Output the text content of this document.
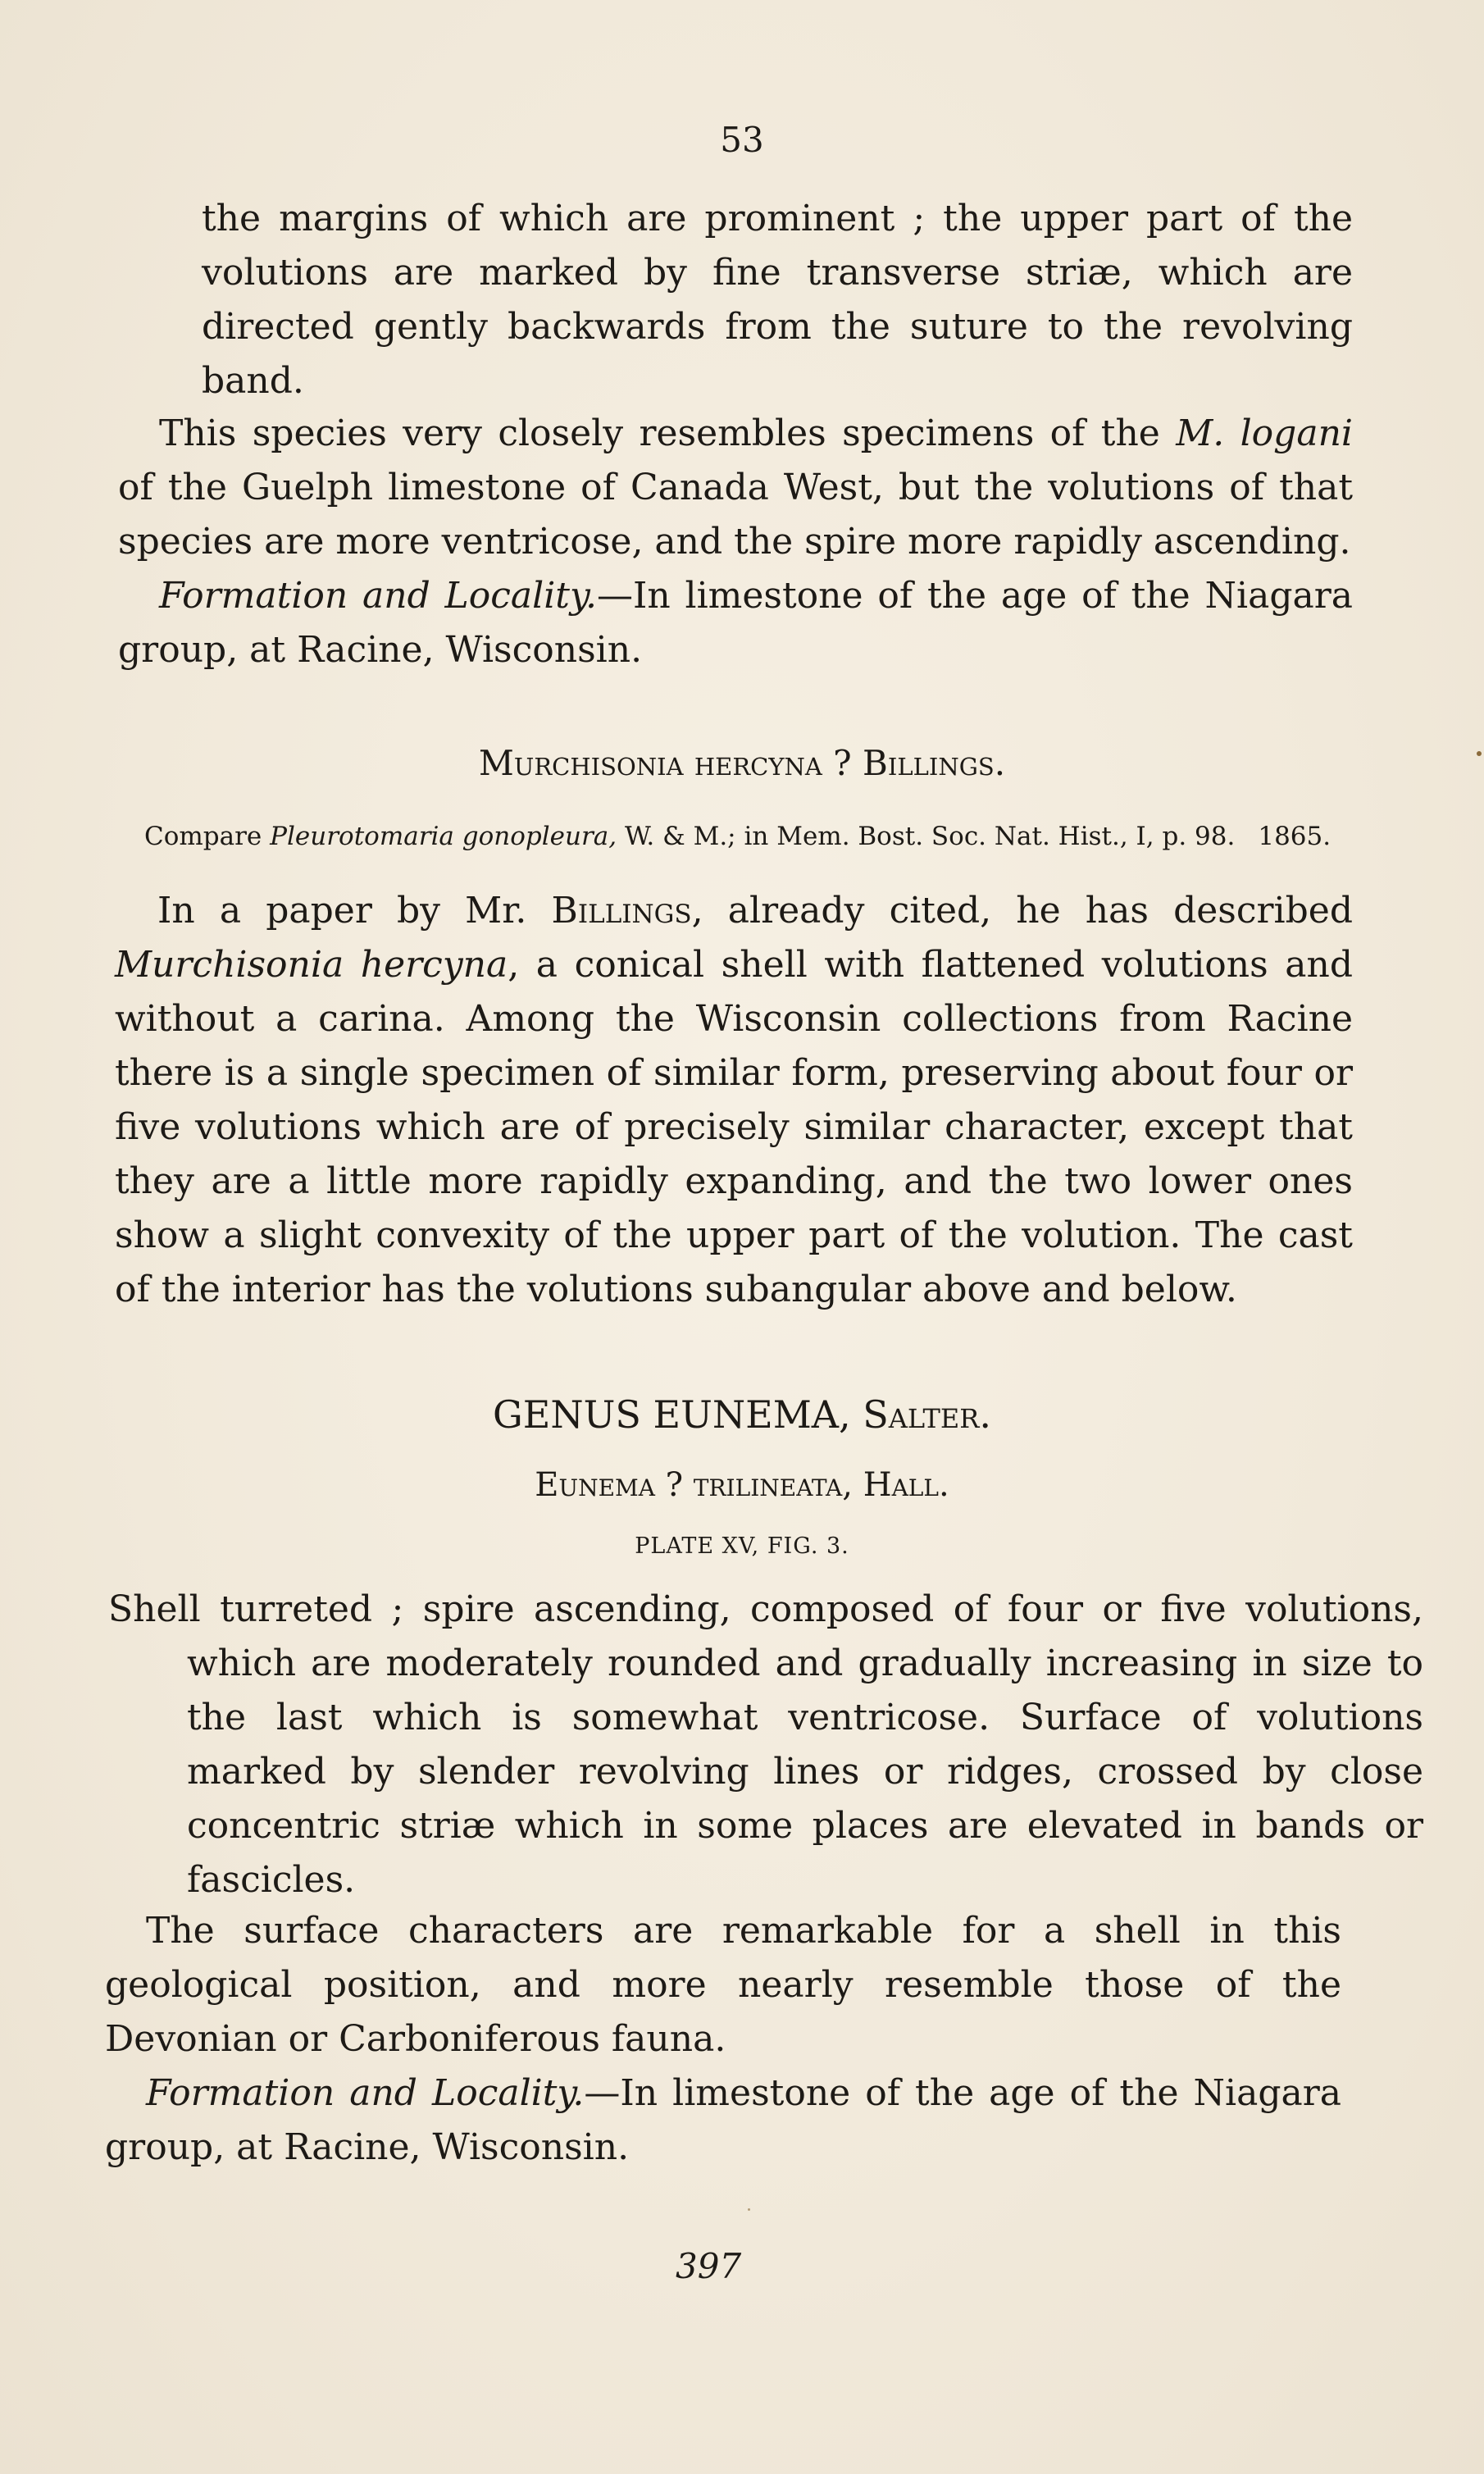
53

the margins of which are prominent ; the upper part of the volutions are marked by fine transverse striæ, which are directed gently backwards from the suture to the revolving band.

This species very closely resembles specimens of the M. logani of the Guelph limestone of Canada West, but the volutions of that species are more ventricose, and the spire more rapidly ascending.

Formation and Locality.—In limestone of the age of the Niagara group, at Racine, Wisconsin.

Murchisonia hercyna ? Billings.

Compare Pleurotomaria gonopleura, W. & M.; in Mem. Bost. Soc. Nat. Hist., I, p. 98. 1865.

In a paper by Mr. Billings, already cited, he has described Murchisonia hercyna, a conical shell with flattened volutions and without a carina. Among the Wisconsin collections from Racine there is a single specimen of similar form, preserving about four or five volutions which are of precisely similar character, except that they are a little more rapidly expanding, and the two lower ones show a slight convexity of the upper part of the volution. The cast of the interior has the volutions subangular above and below.

GENUS EUNEMA, Salter.
Eunema ? trilineata, Hall.
PLATE XV, FIG. 3.

Shell turreted ; spire ascending, composed of four or five volutions, which are moderately rounded and gradually increasing in size to the last which is somewhat ventricose. Surface of volutions marked by slender revolving lines or ridges, crossed by close concentric striæ which in some places are elevated in bands or fascicles.

The surface characters are remarkable for a shell in this geological position, and more nearly resemble those of the Devonian or Carboniferous fauna.

Formation and Locality.—In limestone of the age of the Niagara group, at Racine, Wisconsin.

397
